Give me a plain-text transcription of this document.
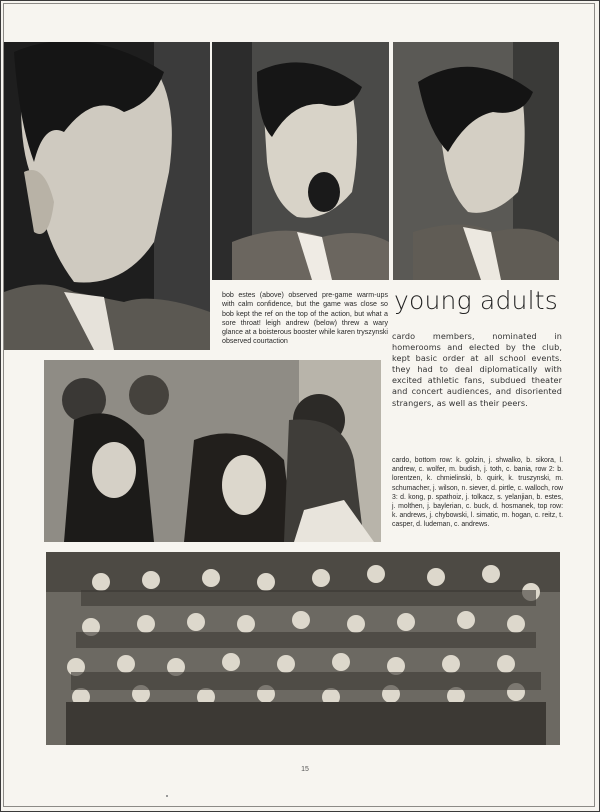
bob estes (above) observed pre-game warm-ups with calm confidence, but the game was close so bob kept the ref on the top of the action, but what a sore throat! leigh andrew (below) threw a wary glance at a boisterous booster while karen tryszynski observed courtaction
young adults
cardo members, nominated in homerooms and elected by the club, kept basic order at all school events. they had to deal diplomatically with excited athletic fans, subdued theater and concert audiences, and disoriented strangers, as well as their peers.
cardo, bottom row: k. golzin, j. shwalko, b. sikora, l. andrew, c. wolfer, m. budish, j. toth, c. bania, row 2: b. lorentzen, k. chmielinski, b. quirk, k. truszynski, m. schumacher, j. wilson, n. siever, d. pirtle, c. walloch, row 3: d. kong, p. spathoiz, j. tolkacz, s. yelanjian, b. estes, j. molthen, j. baylerian, c. buck, d. hosmanek, top row: k. andrews, j. chybowski, l. simatic, m. hogan, c. reitz, t. casper, d. ludeman, c. andrews.
15
